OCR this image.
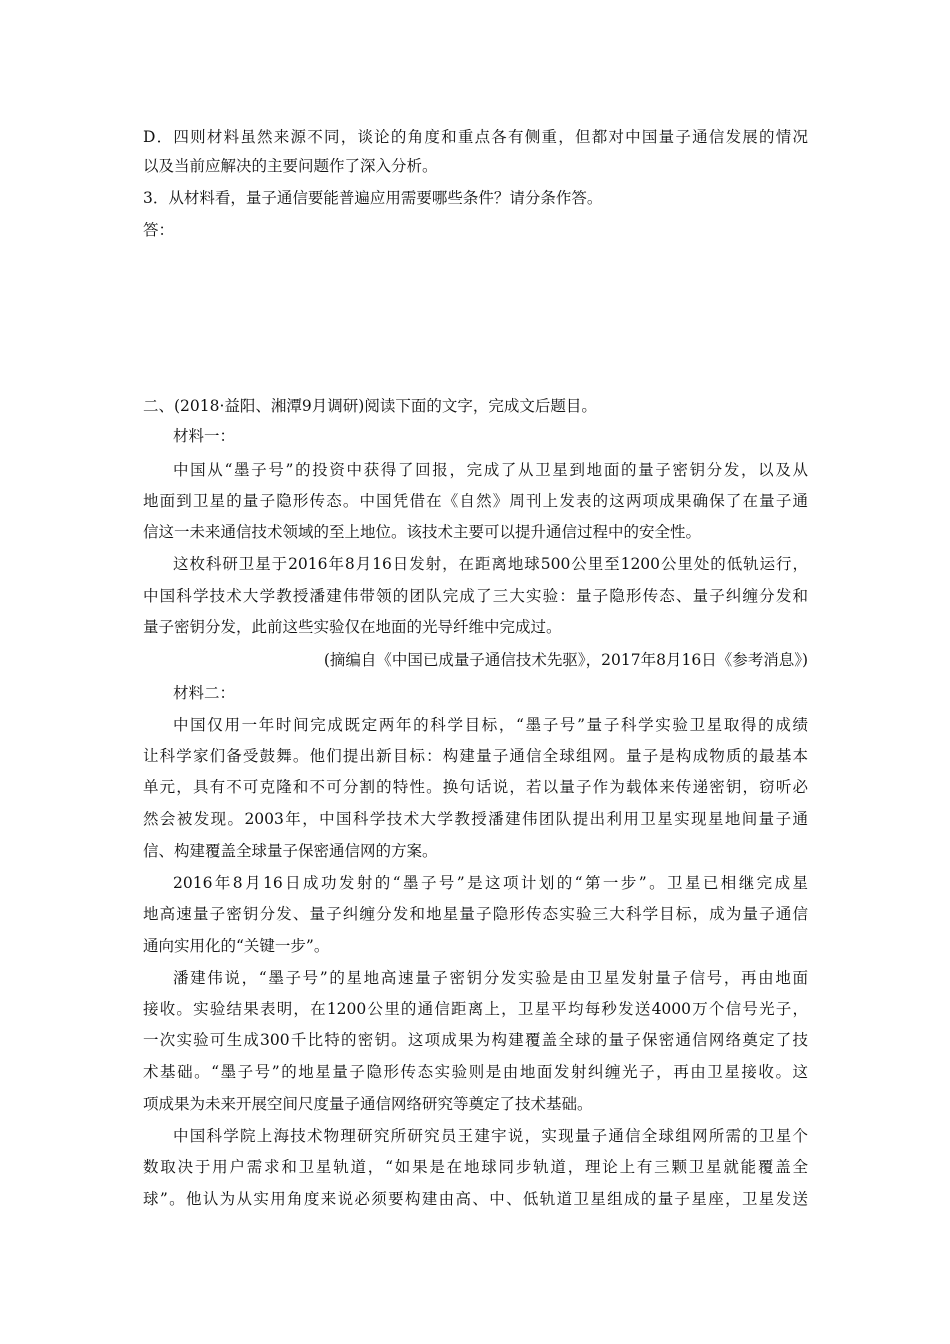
D．四则材料虽然来源不同，谈论的角度和重点各有侧重，但都对中国量子通信发展的情况
以及当前应解决的主要问题作了深入分析。
3．从材料看，量子通信要能普遍应用需要哪些条件？请分条作答。
答：
二、(2018·益阳、湘潭9月调研)阅读下面的文字，完成文后题目。
材料一：
中国从“墨子号”的投资中获得了回报，完成了从卫星到地面的量子密钥分发，以及从
地面到卫星的量子隐形传态。中国凭借在《自然》周刊上发表的这两项成果确保了在量子通
信这一未来通信技术领域的至上地位。该技术主要可以提升通信过程中的安全性。
这枚科研卫星于2016年8月16日发射，在距离地球500公里至1200公里处的低轨运行，
中国科学技术大学教授潘建伟带领的团队完成了三大实验：量子隐形传态、量子纠缠分发和
量子密钥分发，此前这些实验仅在地面的光导纤维中完成过。
(摘编自《中国已成量子通信技术先驱》，2017年8月16日《参考消息》)
材料二：
中国仅用一年时间完成既定两年的科学目标，“墨子号”量子科学实验卫星取得的成绩
让科学家们备受鼓舞。他们提出新目标：构建量子通信全球组网。量子是构成物质的最基本
单元，具有不可克隆和不可分割的特性。换句话说，若以量子作为载体来传递密钥，窃听必
然会被发现。2003年，中国科学技术大学教授潘建伟团队提出利用卫星实现星地间量子通
信、构建覆盖全球量子保密通信网的方案。
2016年8月16日成功发射的“墨子号”是这项计划的“第一步”。卫星已相继完成星
地高速量子密钥分发、量子纠缠分发和地星量子隐形传态实验三大科学目标，成为量子通信
通向实用化的“关键一步”。
潘建伟说，“墨子号”的星地高速量子密钥分发实验是由卫星发射量子信号，再由地面
接收。实验结果表明，在1200公里的通信距离上，卫星平均每秒发送4000万个信号光子，
一次实验可生成300千比特的密钥。这项成果为构建覆盖全球的量子保密通信网络奠定了技
术基础。“墨子号”的地星量子隐形传态实验则是由地面发射纠缠光子，再由卫星接收。这
项成果为未来开展空间尺度量子通信网络研究等奠定了技术基础。
中国科学院上海技术物理研究所研究员王建宇说，实现量子通信全球组网所需的卫星个
数取决于用户需求和卫星轨道，“如果是在地球同步轨道，理论上有三颗卫星就能覆盖全
球”。他认为从实用角度来说必须要构建由高、中、低轨道卫星组成的量子星座，卫星发送
